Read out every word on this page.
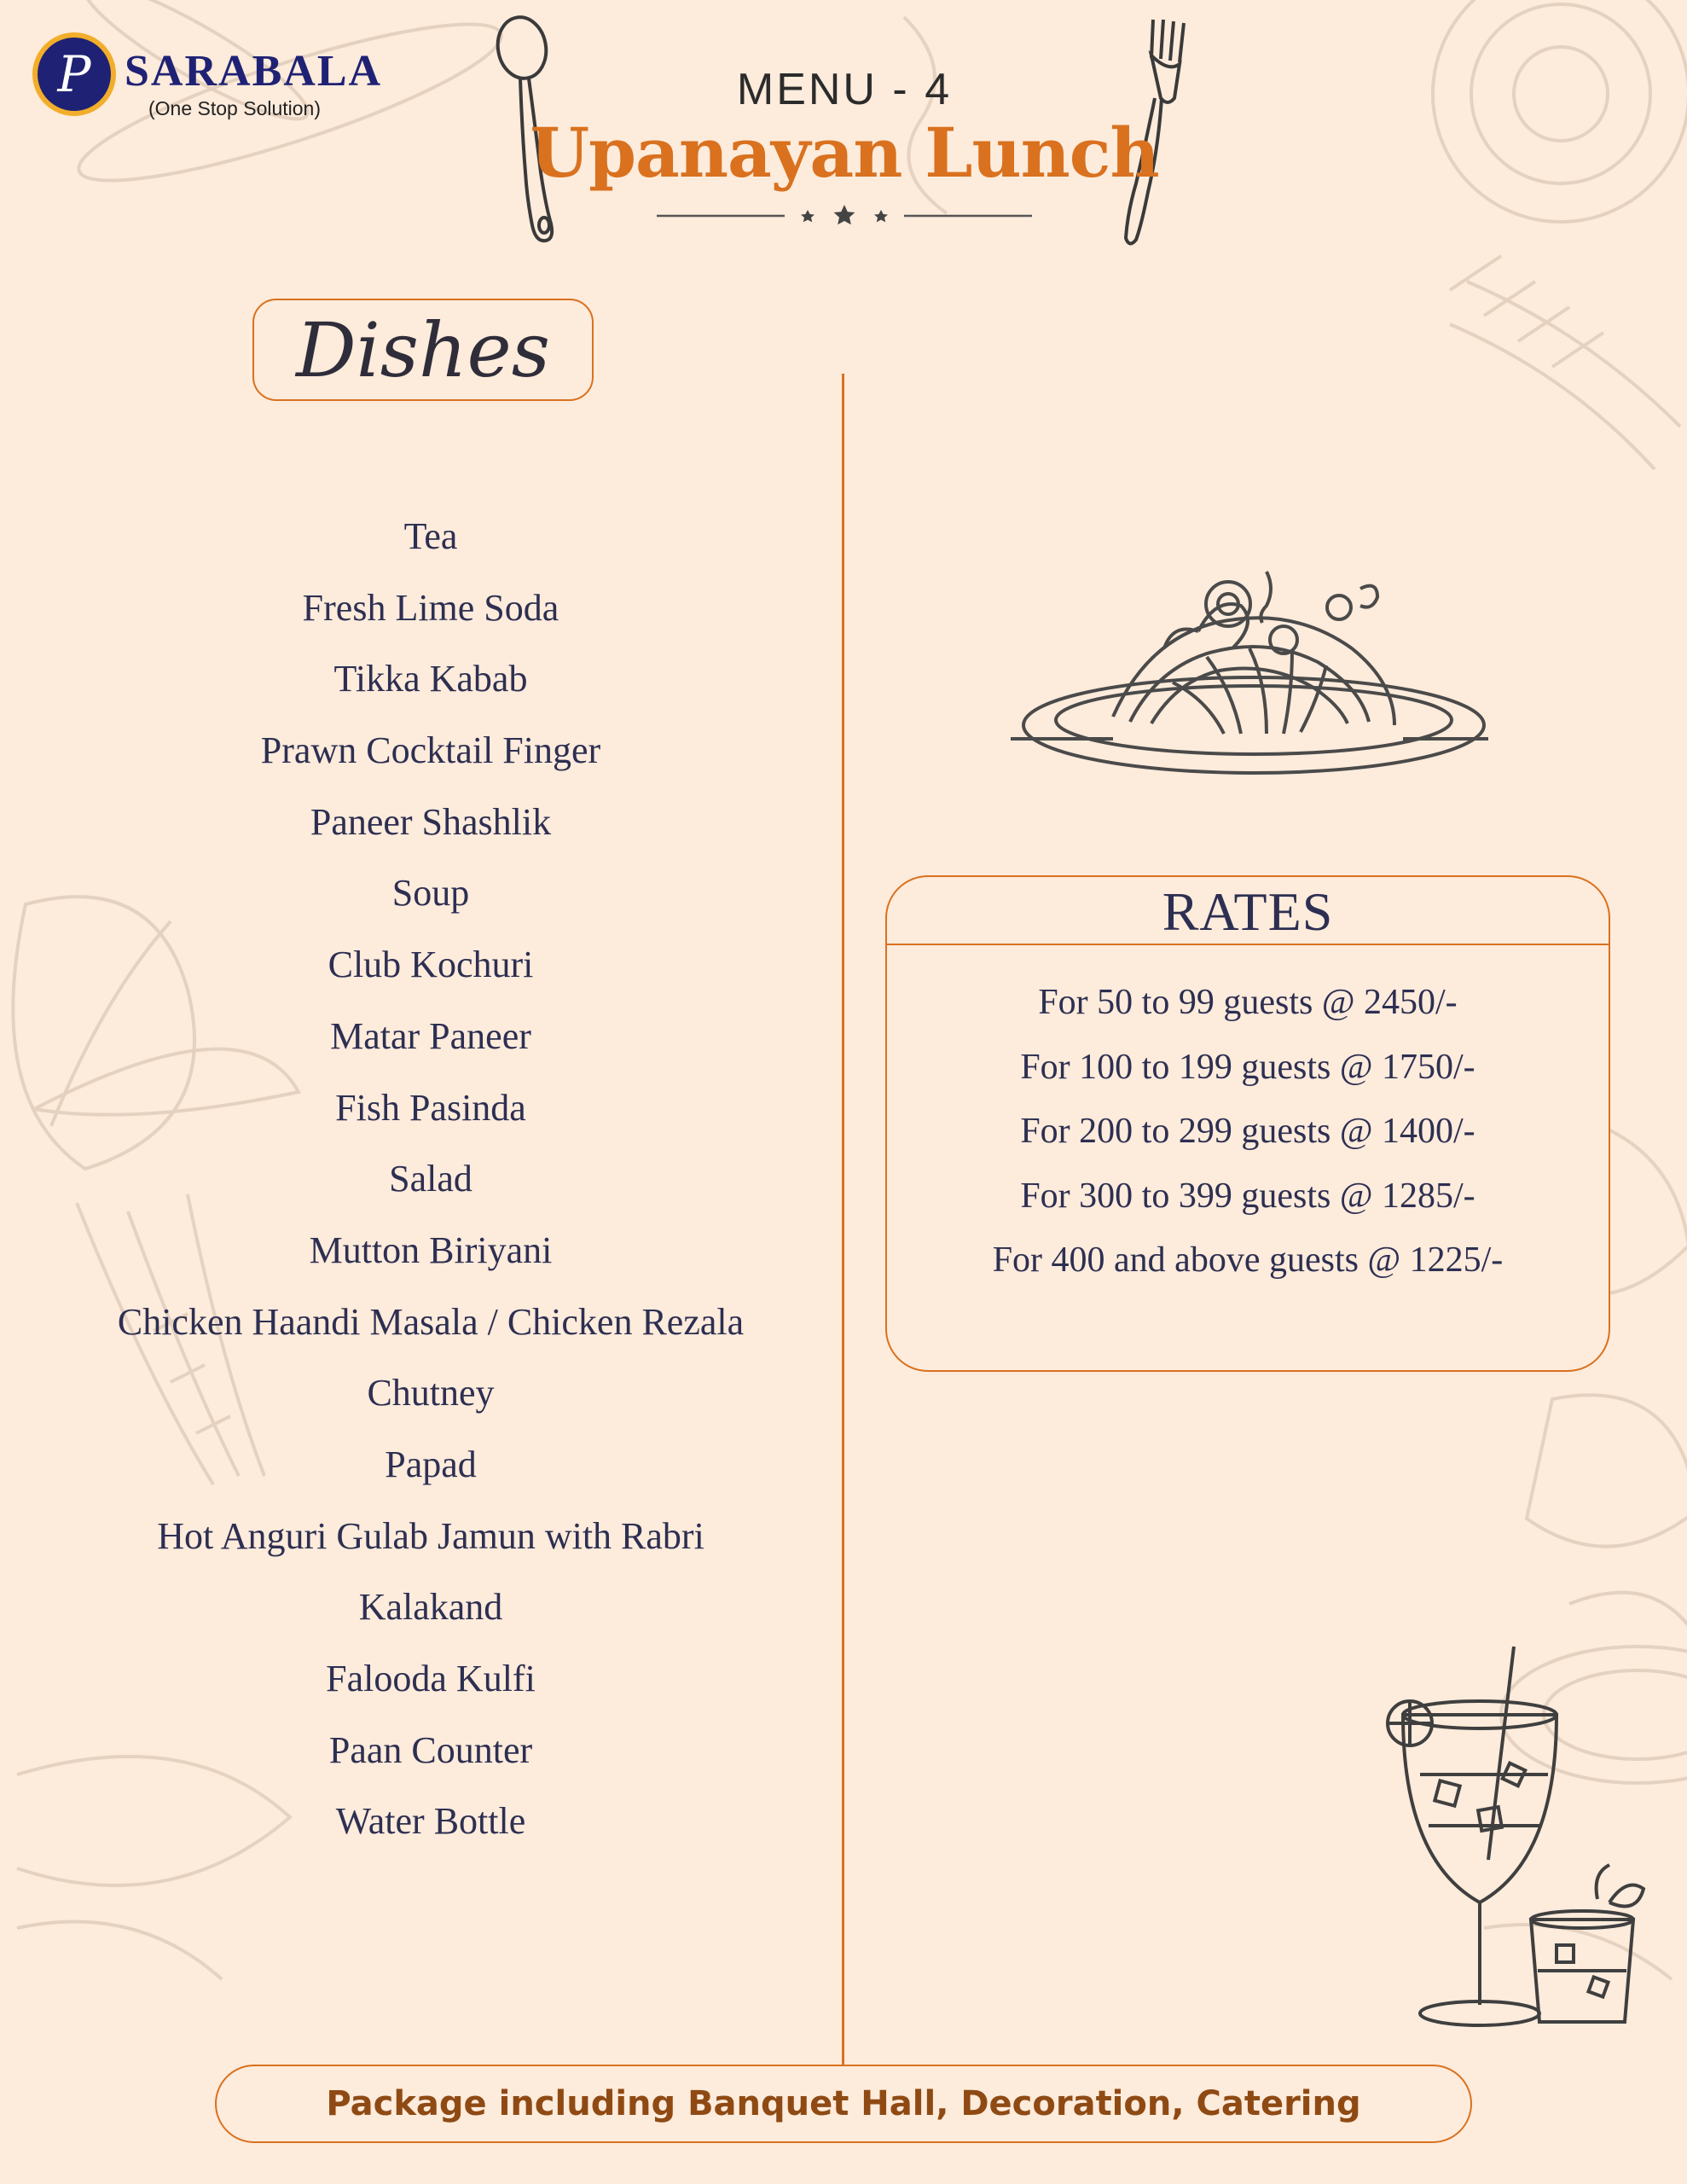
P SARABALA
(One Stop Solution)	MENU - 4
Upanayan Lunch
Dishes
Tea
Fresh Lime Soda
Tikka Kabab
Prawn Cocktail Finger
Paneer Shashlik
Soup
Club Kochuri
Matar Paneer
Fish Pasinda
Salad
Mutton Biriyani
Chicken Haandi Masala / Chicken Rezala
Chutney
Papad
Hot Anguri Gulab Jamun with Rabri
Kalakand
Falooda Kulfi
Paan Counter
Water Bottle
RATES
For 50 to 99 guests @ 2450/-
For 100 to 199 guests @ 1750/-
For 200 to 299 guests @ 1400/-
For 300 to 399 guests @ 1285/-
For 400 and above guests @ 1225/-
Package including Banquet Hall, Decoration, Catering
